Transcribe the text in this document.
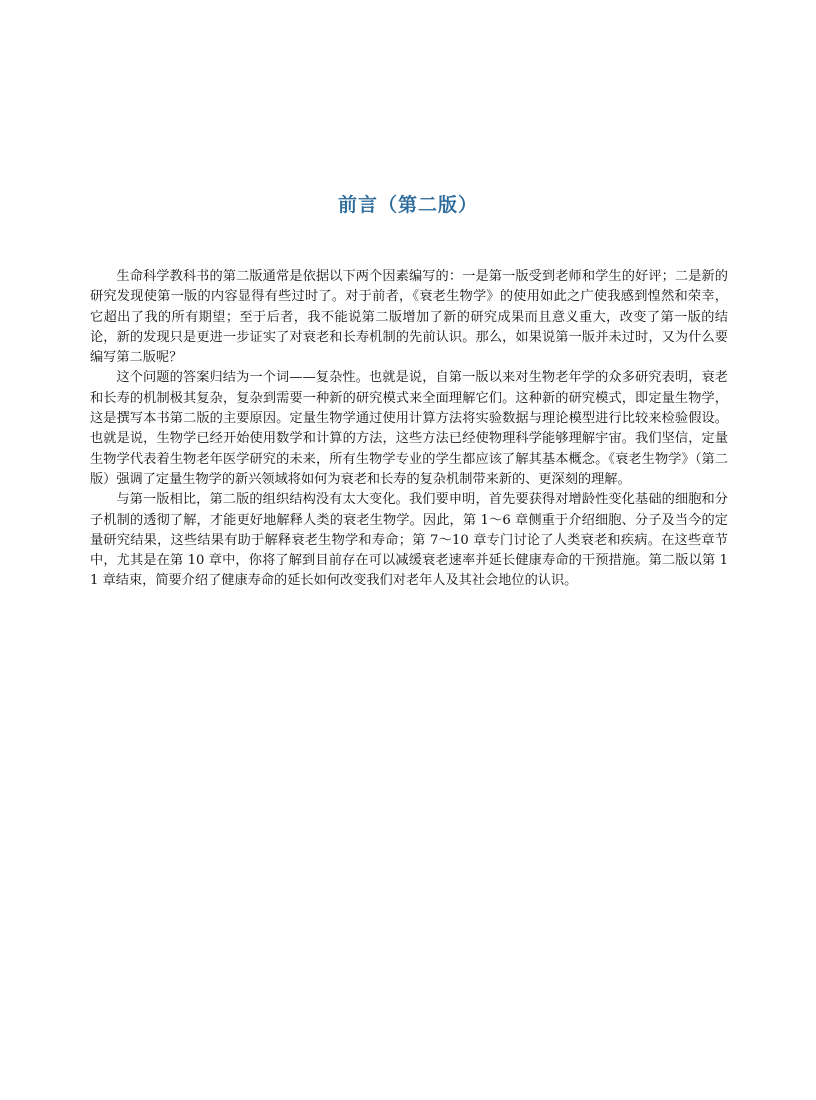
前言（第二版）

生命科学教科书的第二版通常是依据以下两个因素编写的：一是第一版受到老师和学生的好评；二是新的研究发现使第一版的内容显得有些过时了。对于前者，《衰老生物学》的使用如此之广使我感到惶然和荣幸，它超出了我的所有期望；至于后者，我不能说第二版增加了新的研究成果而且意义重大，改变了第一版的结论，新的发现只是更进一步证实了对衰老和长寿机制的先前认识。那么，如果说第一版并未过时，又为什么要编写第二版呢？

这个问题的答案归结为一个词——复杂性。也就是说，自第一版以来对生物老年学的众多研究表明，衰老和长寿的机制极其复杂，复杂到需要一种新的研究模式来全面理解它们。这种新的研究模式，即定量生物学，这是撰写本书第二版的主要原因。定量生物学通过使用计算方法将实验数据与理论模型进行比较来检验假设。也就是说，生物学已经开始使用数学和计算的方法，这些方法已经使物理科学能够理解宇宙。我们坚信，定量生物学代表着生物老年医学研究的未来，所有生物学专业的学生都应该了解其基本概念。《衰老生物学》（第二版）强调了定量生物学的新兴领域将如何为衰老和长寿的复杂机制带来新的、更深刻的理解。

与第一版相比，第二版的组织结构没有太大变化。我们要申明，首先要获得对增龄性变化基础的细胞和分子机制的透彻了解，才能更好地解释人类的衰老生物学。因此，第 1～6 章侧重于介绍细胞、分子及当今的定量研究结果，这些结果有助于解释衰老生物学和寿命；第 7～10 章专门讨论了人类衰老和疾病。在这些章节中，尤其是在第 10 章中，你将了解到目前存在可以减缓衰老速率并延长健康寿命的干预措施。第二版以第 11 章结束，简要介绍了健康寿命的延长如何改变我们对老年人及其社会地位的认识。
